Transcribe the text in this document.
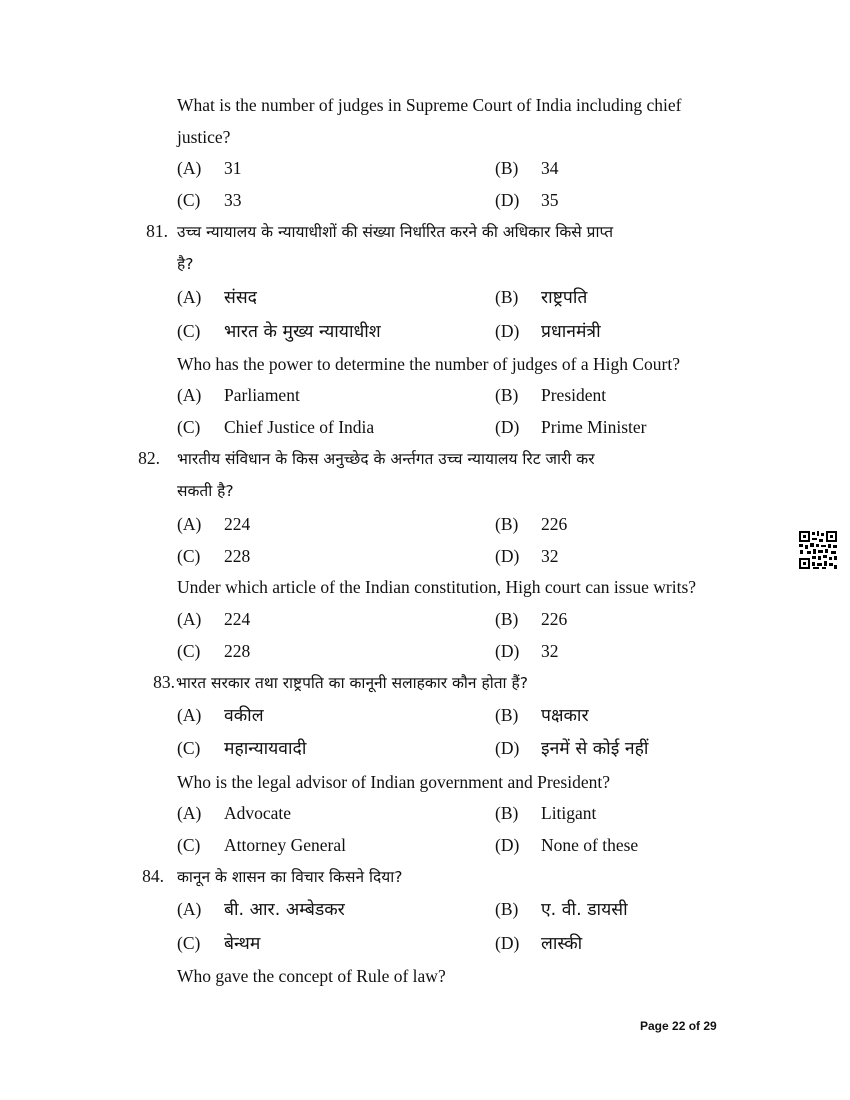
What is the number of judges in Supreme Court of India including chief
justice?
(A) 31	(B) 34
(C) 33	(D) 35
81. उच्च न्यायालय के न्यायाधीशों की संख्या निर्धारित करने की अधिकार किसे प्राप्त
है?
(A) संसद	(B) राष्ट्रपति
(C) भारत के मुख्य न्यायाधीश	(D) प्रधानमंत्री
Who has the power to determine the number of judges of a High Court?
(A) Parliament	(B) President
(C) Chief Justice of India	(D) Prime Minister
82. भारतीय संविधान के किस अनुच्छेद के अर्न्तगत उच्च न्यायालय रिट जारी कर
सकती है?
(A) 224	(B) 226
(C) 228	(D) 32
Under which article of the Indian constitution, High court can issue writs?
(A) 224	(B) 226
(C) 228	(D) 32
83. भारत सरकार तथा राष्ट्रपति का कानूनी सलाहकार कौन होता हैं?
(A) वकील	(B) पक्षकार
(C) महान्यायवादी	(D) इनमें से कोई नहीं
Who is the legal advisor of Indian government and President?
(A) Advocate	(B) Litigant
(C) Attorney General	(D) None of these
84. कानून के शासन का विचार किसने दिया?
(A) बी. आर. अम्बेडकर	(B) ए. वी. डायसी
(C) बेन्थम	(D) लास्की
Who gave the concept of Rule of law?
Page 22 of 29
